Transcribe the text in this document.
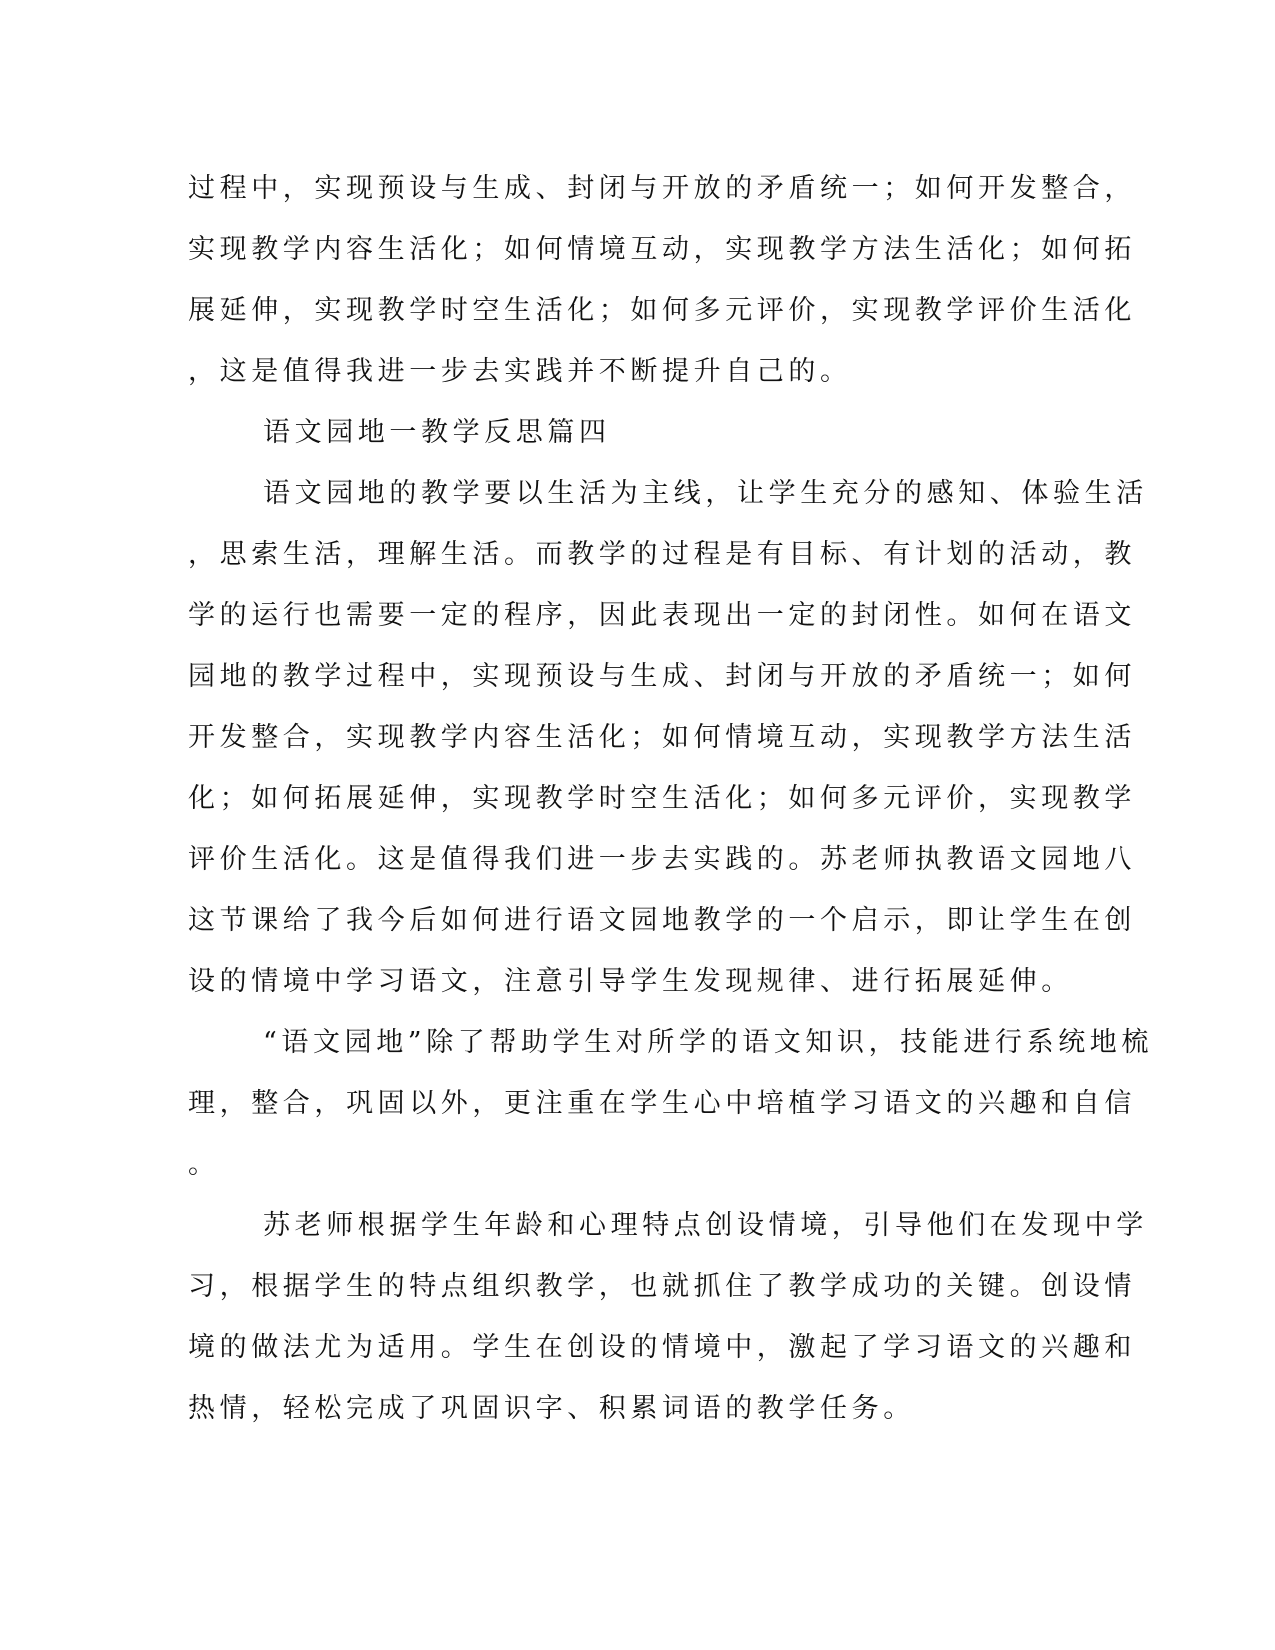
过程中，实现预设与生成、封闭与开放的矛盾统一；如何开发整合，
实现教学内容生活化；如何情境互动，实现教学方法生活化；如何拓
展延伸，实现教学时空生活化；如何多元评价，实现教学评价生活化
，这是值得我进一步去实践并不断提升自己的。
语文园地一教学反思篇四
语文园地的教学要以生活为主线，让学生充分的感知、体验生活
，思索生活，理解生活。而教学的过程是有目标、有计划的活动，教
学的运行也需要一定的程序，因此表现出一定的封闭性。如何在语文
园地的教学过程中，实现预设与生成、封闭与开放的矛盾统一；如何
开发整合，实现教学内容生活化；如何情境互动，实现教学方法生活
化；如何拓展延伸，实现教学时空生活化；如何多元评价，实现教学
评价生活化。这是值得我们进一步去实践的。苏老师执教语文园地八
这节课给了我今后如何进行语文园地教学的一个启示，即让学生在创
设的情境中学习语文，注意引导学生发现规律、进行拓展延伸。
“语文园地”除了帮助学生对所学的语文知识，技能进行系统地梳
理，整合，巩固以外，更注重在学生心中培植学习语文的兴趣和自信
。
苏老师根据学生年龄和心理特点创设情境，引导他们在发现中学
习，根据学生的特点组织教学，也就抓住了教学成功的关键。创设情
境的做法尤为适用。学生在创设的情境中，激起了学习语文的兴趣和
热情，轻松完成了巩固识字、积累词语的教学任务。
